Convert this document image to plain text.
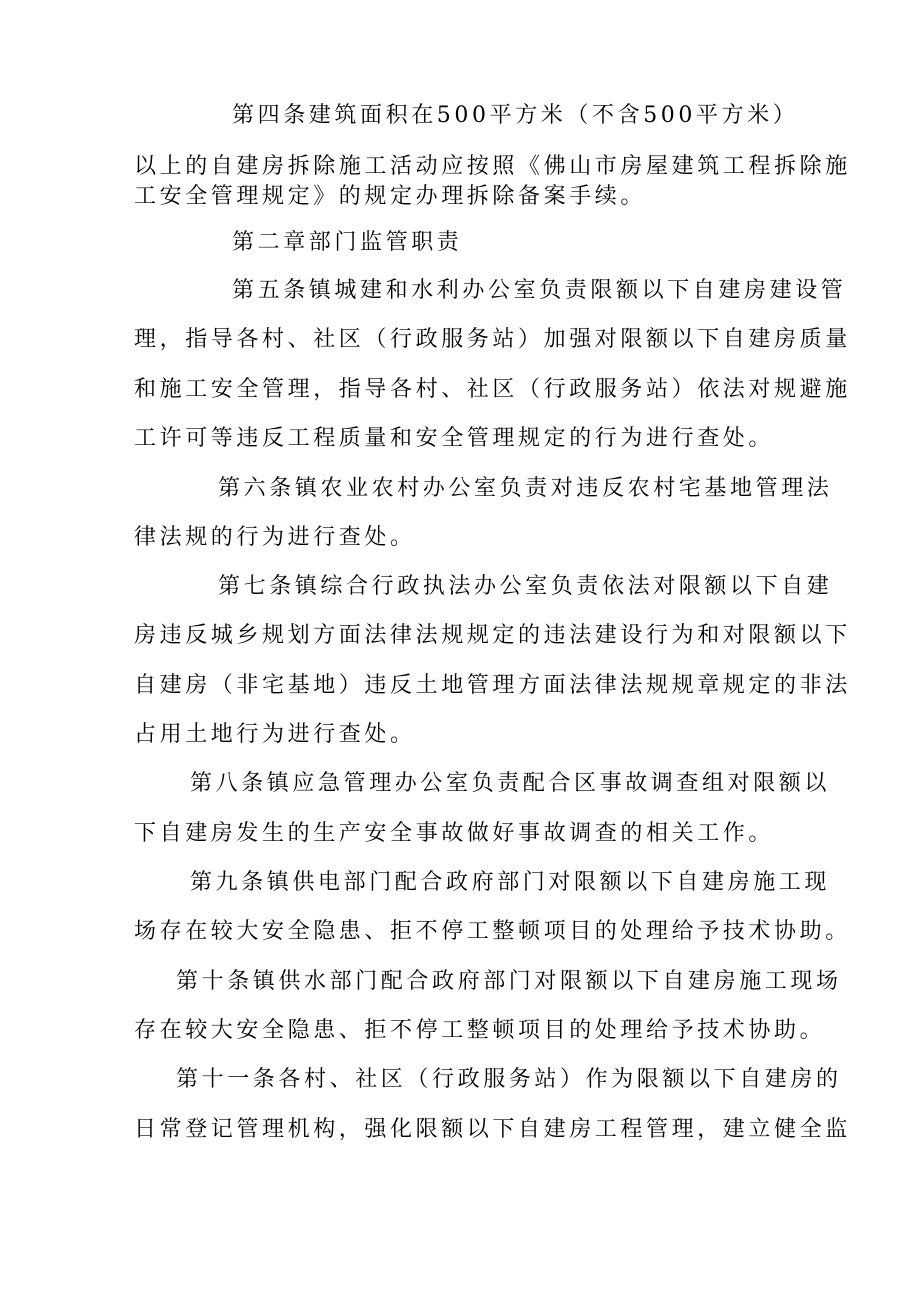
第四条建筑面积在500平方米（不含500平方米）
以上的自建房拆除施工活动应按照《佛山市房屋建筑工程拆除施
工安全管理规定》的规定办理拆除备案手续。
第二章部门监管职责
第五条镇城建和水利办公室负责限额以下自建房建设管
理，指导各村、社区（行政服务站）加强对限额以下自建房质量
和施工安全管理，指导各村、社区（行政服务站）依法对规避施
工许可等违反工程质量和安全管理规定的行为进行查处。
第六条镇农业农村办公室负责对违反农村宅基地管理法
律法规的行为进行查处。
第七条镇综合行政执法办公室负责依法对限额以下自建
房违反城乡规划方面法律法规规定的违法建设行为和对限额以下
自建房（非宅基地）违反土地管理方面法律法规规章规定的非法
占用土地行为进行查处。
第八条镇应急管理办公室负责配合区事故调查组对限额以
下自建房发生的生产安全事故做好事故调查的相关工作。
第九条镇供电部门配合政府部门对限额以下自建房施工现
场存在较大安全隐患、拒不停工整顿项目的处理给予技术协助。
第十条镇供水部门配合政府部门对限额以下自建房施工现场
存在较大安全隐患、拒不停工整顿项目的处理给予技术协助。
第十一条各村、社区（行政服务站）作为限额以下自建房的
日常登记管理机构，强化限额以下自建房工程管理，建立健全监
